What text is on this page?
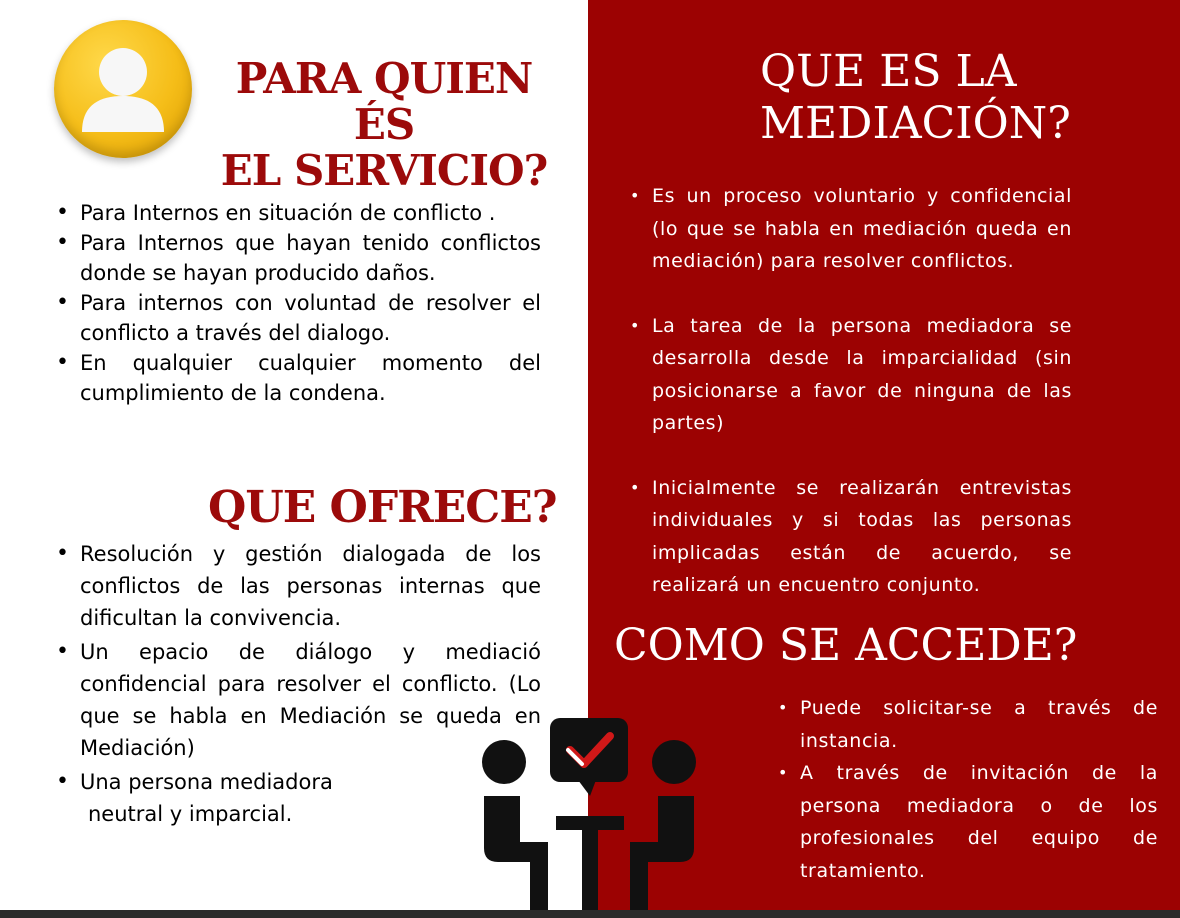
PARA QUIEN ÉS
EL SERVICIO?
• Para Internos en situación de conflicto .
• Para Internos que hayan tenido conflictos donde se hayan producido daños.
• Para internos con voluntad de resolver el conflicto a través del dialogo.
• En qualquier cualquier momento del cumplimiento de la condena.
QUE OFRECE?
• Resolución y gestión dialogada de los conflictos de las personas internas que dificultan la convivencia.
• Un epacio de diálogo y mediació confidencial para resolver el conflicto. (Lo que se habla en Mediación se queda en Mediación)
• Una persona mediadora
neutral y imparcial.
QUE ES LA
MEDIACIÓN?
• Es un proceso voluntario y confidencial (lo que se habla en mediación queda en mediación) para resolver conflictos.
• La tarea de la persona mediadora se desarrolla desde la imparcialidad (sin posicionarse a favor de ninguna de las partes)
• Inicialmente se realizarán entrevistas individuales y si todas las personas implicadas están de acuerdo, se realizará un encuentro conjunto.
COMO SE ACCEDE?
• Puede solicitar-se a través de instancia.
• A través de invitación de la persona mediadora o de los profesionales del equipo de tratamiento.
